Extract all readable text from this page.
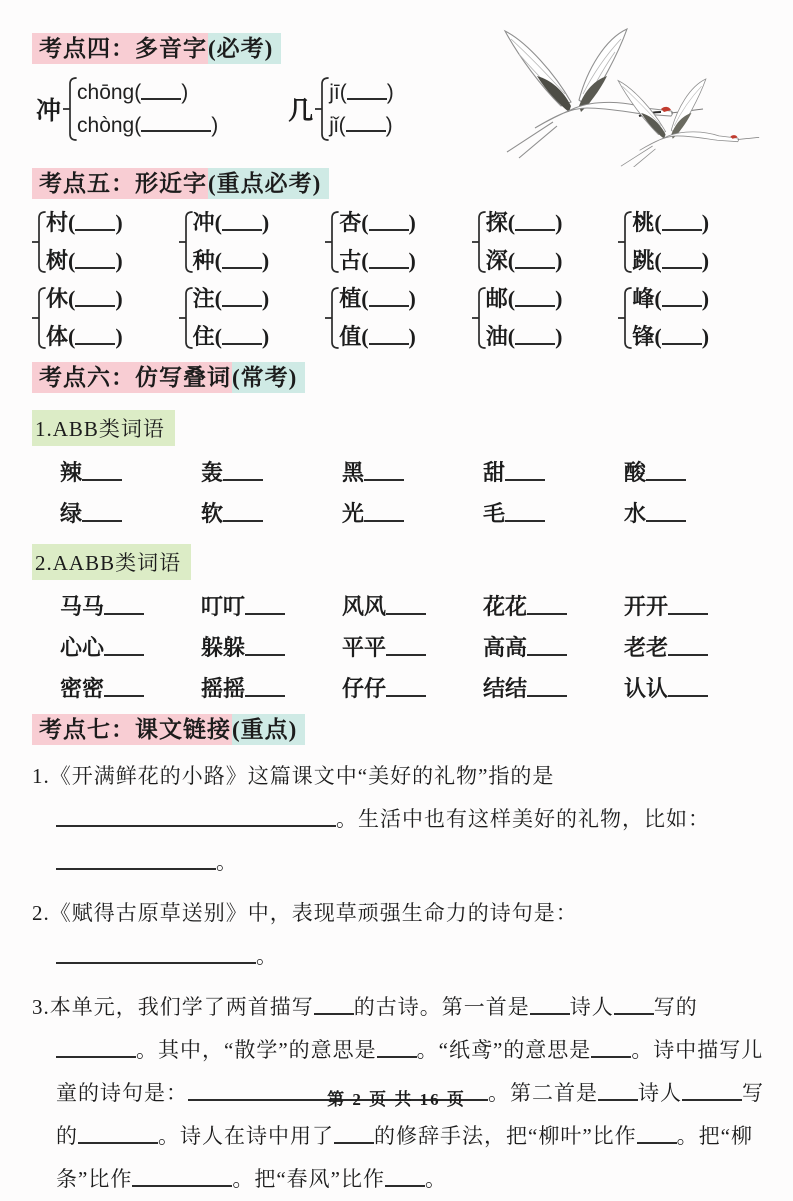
考点四：多音字(必考)
冲
chōng( )
chòng(	)
几
jī( )
jǐ( )
考点五：形近字(重点必考)
村( )
树( )
冲( )
种( )
杏( )
古( )
探( )
深( )
桃( )
跳( )
休( )
体( )
注( )
住( )
植( )
值( )
邮( )
油( )
峰( )
锋( )
考点六：仿写叠词(常考)
1.ABB类词语
辣	轰	黑	甜	酸
绿	软	光	毛	水
2.AABB类词语
马马	叮叮	风风	花花	开开
心心	躲躲	平平	高高	老老
密密	摇摇	仔仔	结结	认认
考点七：课文链接(重点)
1.《开满鲜花的小路》这篇课文中“美好的礼物”指的是。生活中也有这样美好的礼物，比如：。
2.《赋得古原草送别》中，表现草顽强生命力的诗句是：。
3.本单元，我们学了两首描写 的古诗。第一首是 诗人 写的。其中，“散学”的意思是 。“纸鸢”的意思是 。诗中描写儿童的诗句是：	。第二首是 诗人	写的	。诗人在诗中用了 的修辞手法，把“柳叶”比作 。把“柳条”比作	。把“春风”比作 。
第 2 页 共 16 页
